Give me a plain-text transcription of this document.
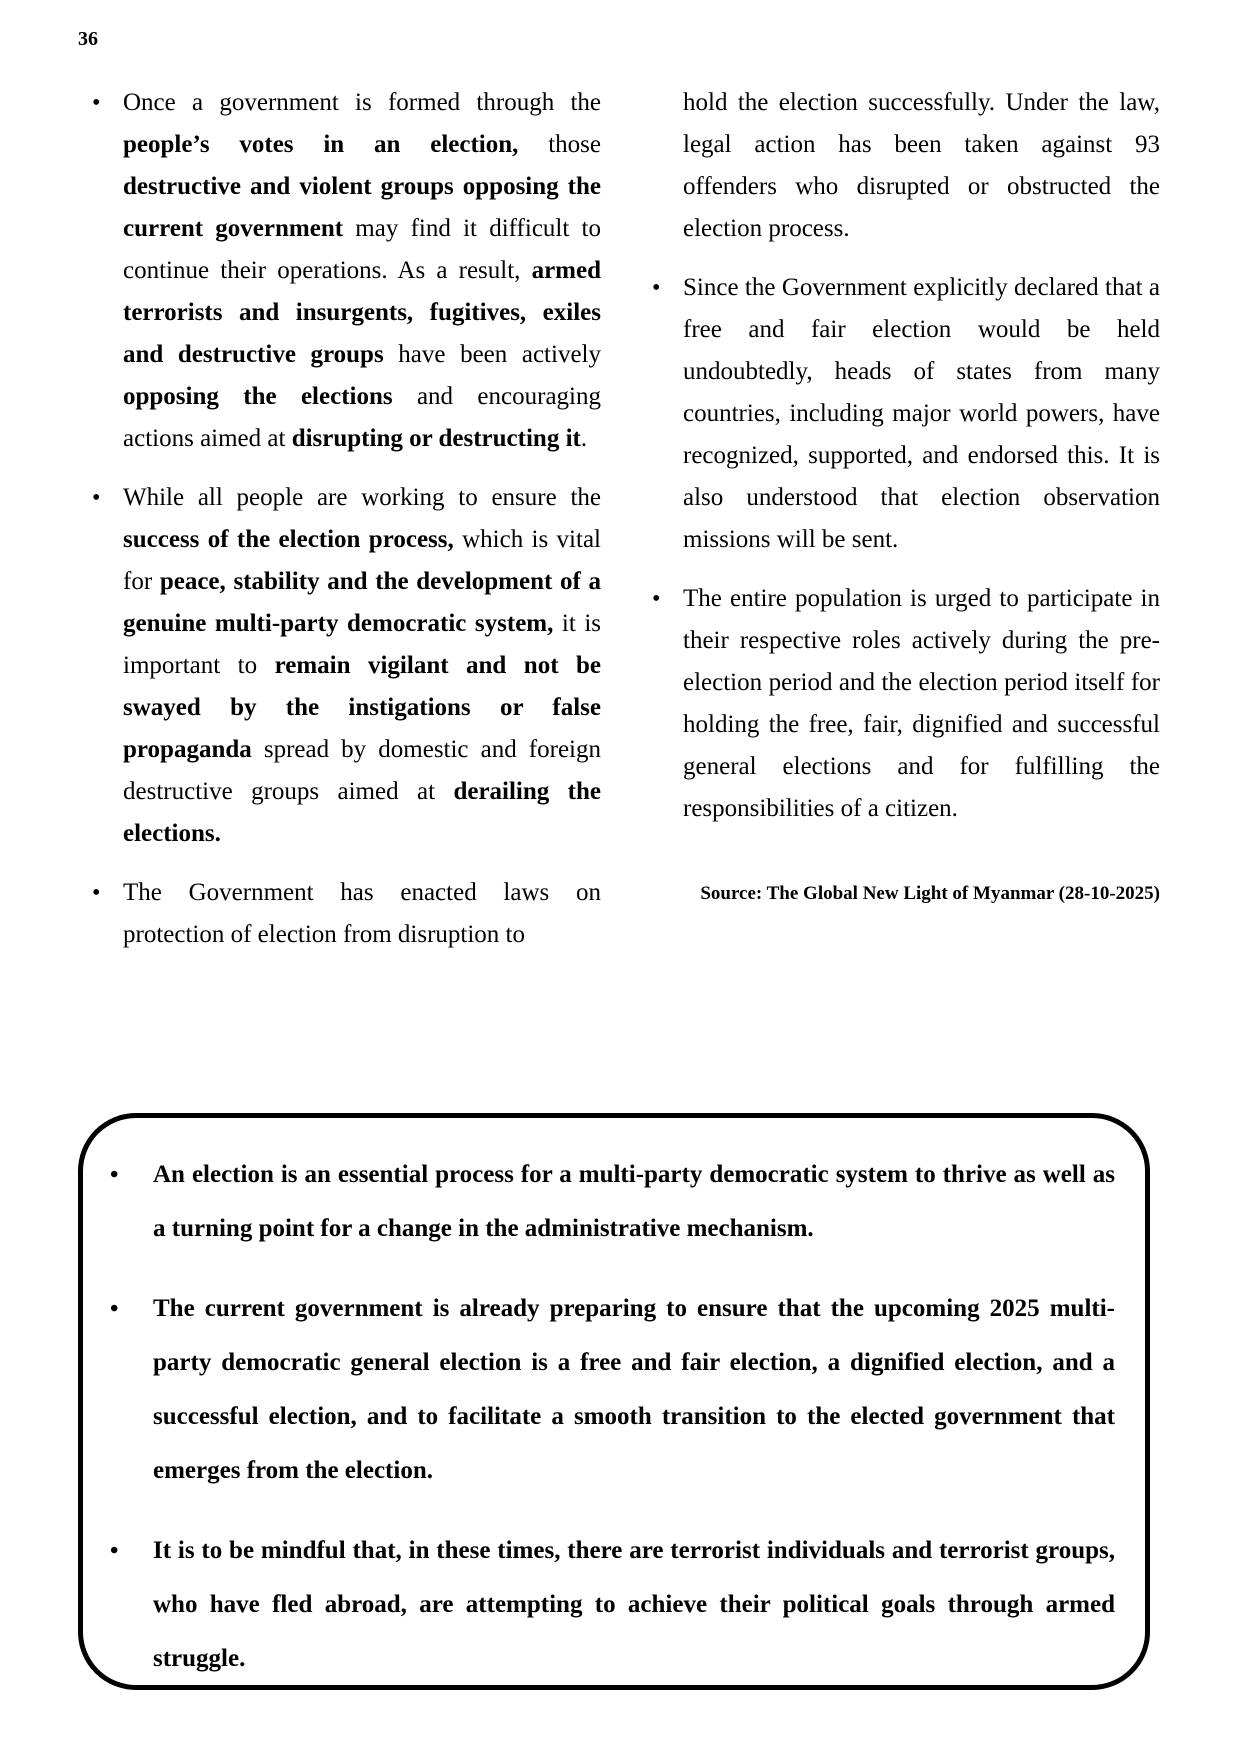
36

• Once a government is formed through the people’s votes in an election, those destructive and violent groups opposing the current government may find it difficult to continue their operations. As a result, armed terrorists and insurgents, fugitives, exiles and destructive groups have been actively opposing the elections and encouraging actions aimed at disrupting or destructing it.

• While all people are working to ensure the success of the election process, which is vital for peace, stability and the development of a genuine multi-party democratic system, it is important to remain vigilant and not be swayed by the instigations or false propaganda spread by domestic and foreign destructive groups aimed at derailing the elections.

• The Government has enacted laws on protection of election from disruption to

hold the election successfully. Under the law, legal action has been taken against 93 offenders who disrupted or obstructed the election process.

• Since the Government explicitly declared that a free and fair election would be held undoubtedly, heads of states from many countries, including major world powers, have recognized, supported, and endorsed this. It is also understood that election observation missions will be sent.

• The entire population is urged to participate in their respective roles actively during the pre-election period and the election period itself for holding the free, fair, dignified and successful general elections and for fulfilling the responsibilities of a citizen.

Source: The Global New Light of Myanmar (28-10-2025)

• An election is an essential process for a multi-party democratic system to thrive as well as a turning point for a change in the administrative mechanism.

• The current government is already preparing to ensure that the upcoming 2025 multi-party democratic general election is a free and fair election, a dignified election, and a successful election, and to facilitate a smooth transition to the elected government that emerges from the election.

• It is to be mindful that, in these times, there are terrorist individuals and terrorist groups, who have fled abroad, are attempting to achieve their political goals through armed struggle.
